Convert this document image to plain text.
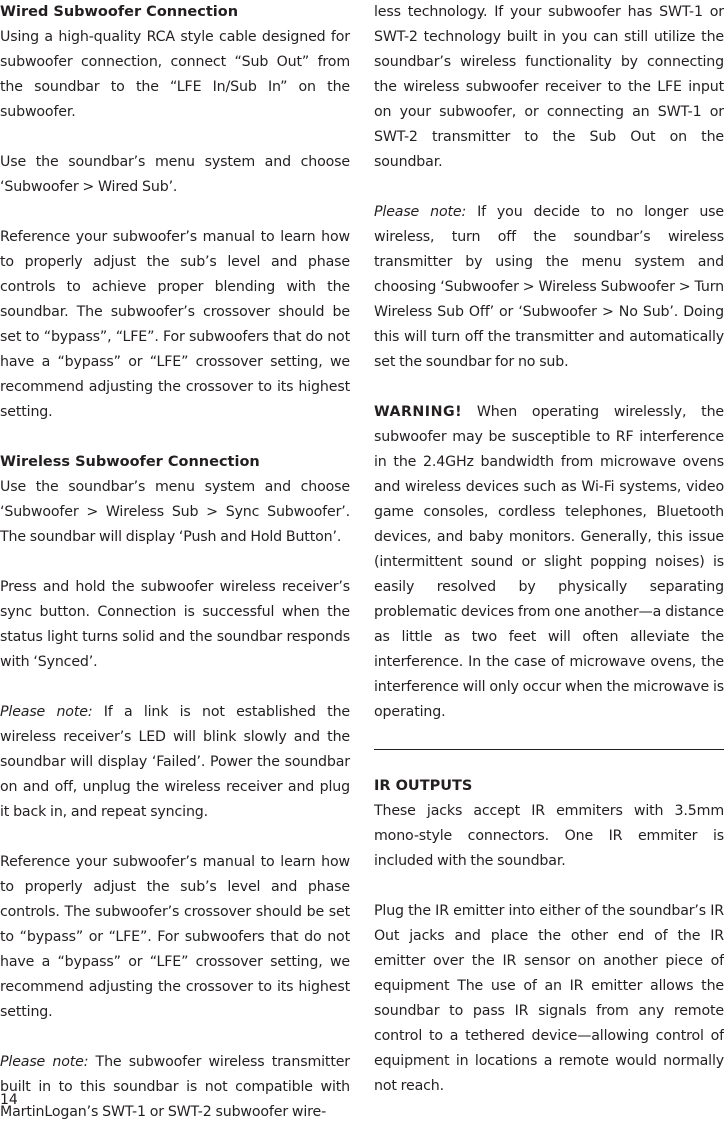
Wired Subwoofer Connection

Using a high-quality RCA style cable designed for subwoofer connection, connect “Sub Out” from the soundbar to the “LFE In/Sub In” on the subwoofer.

Use the soundbar’s menu system and choose ‘Subwoofer > Wired Sub’.

Reference your subwoofer’s manual to learn how to properly adjust the sub’s level and phase controls to achieve proper blending with the soundbar. The subwoofer’s crossover should be set to “bypass”, “LFE”. For subwoofers that do not have a “bypass” or “LFE” crossover setting, we recommend adjusting the crossover to its highest setting.

Wireless Subwoofer Connection

Use the soundbar’s menu system and choose ‘Subwoofer > Wireless Sub > Sync Subwoofer’. The soundbar will display ‘Push and Hold Button’.

Press and hold the subwoofer wireless receiver’s sync button. Connection is successful when the status light turns solid and the soundbar responds with ‘Synced’.

Please note: If a link is not established the wireless receiver’s LED will blink slowly and the soundbar will display ‘Failed’. Power the soundbar on and off, unplug the wireless receiver and plug it back in, and repeat syncing.

Reference your subwoofer’s manual to learn how to properly adjust the sub’s level and phase controls. The subwoofer’s crossover should be set to “bypass” or “LFE”. For subwoofers that do not have a “bypass” or “LFE” crossover setting, we recommend adjusting the crossover to its highest setting.

Please note: The subwoofer wireless transmitter built in to this soundbar is not compatible with MartinLogan’s SWT-1 or SWT-2 subwoofer wire-

less technology. If your subwoofer has SWT-1 or SWT-2 technology built in you can still utilize the soundbar’s wireless functionality by connecting the wireless subwoofer receiver to the LFE input on your subwoofer, or connecting an SWT-1 or SWT-2 transmitter to the Sub Out on the soundbar.

Please note: If you decide to no longer use wireless, turn off the soundbar’s wireless transmitter by using the menu system and choosing ‘Subwoofer > Wireless Subwoofer > Turn Wireless Sub Off’ or ‘Subwoofer > No Sub’. Doing this will turn off the transmitter and automatically set the soundbar for no sub.

WARNING! When operating wirelessly, the subwoofer may be susceptible to RF interference in the 2.4GHz bandwidth from microwave ovens and wireless devices such as Wi-Fi systems, video game consoles, cordless telephones, Bluetooth devices, and baby monitors. Generally, this issue (intermittent sound or slight popping noises) is easily resolved by physically separating problematic devices from one another—a distance as little as two feet will often alleviate the interference. In the case of microwave ovens, the interference will only occur when the microwave is operating.

IR OUTPUTS

These jacks accept IR emmiters with 3.5mm mono-style connectors. One IR emmiter is included with the soundbar.

Plug the IR emitter into either of the soundbar’s IR Out jacks and place the other end of the IR emitter over the IR sensor on another piece of equipment The use of an IR emitter allows the soundbar to pass IR signals from any remote control to a tethered device—allowing control of equipment in locations a remote would normally not reach.

14
